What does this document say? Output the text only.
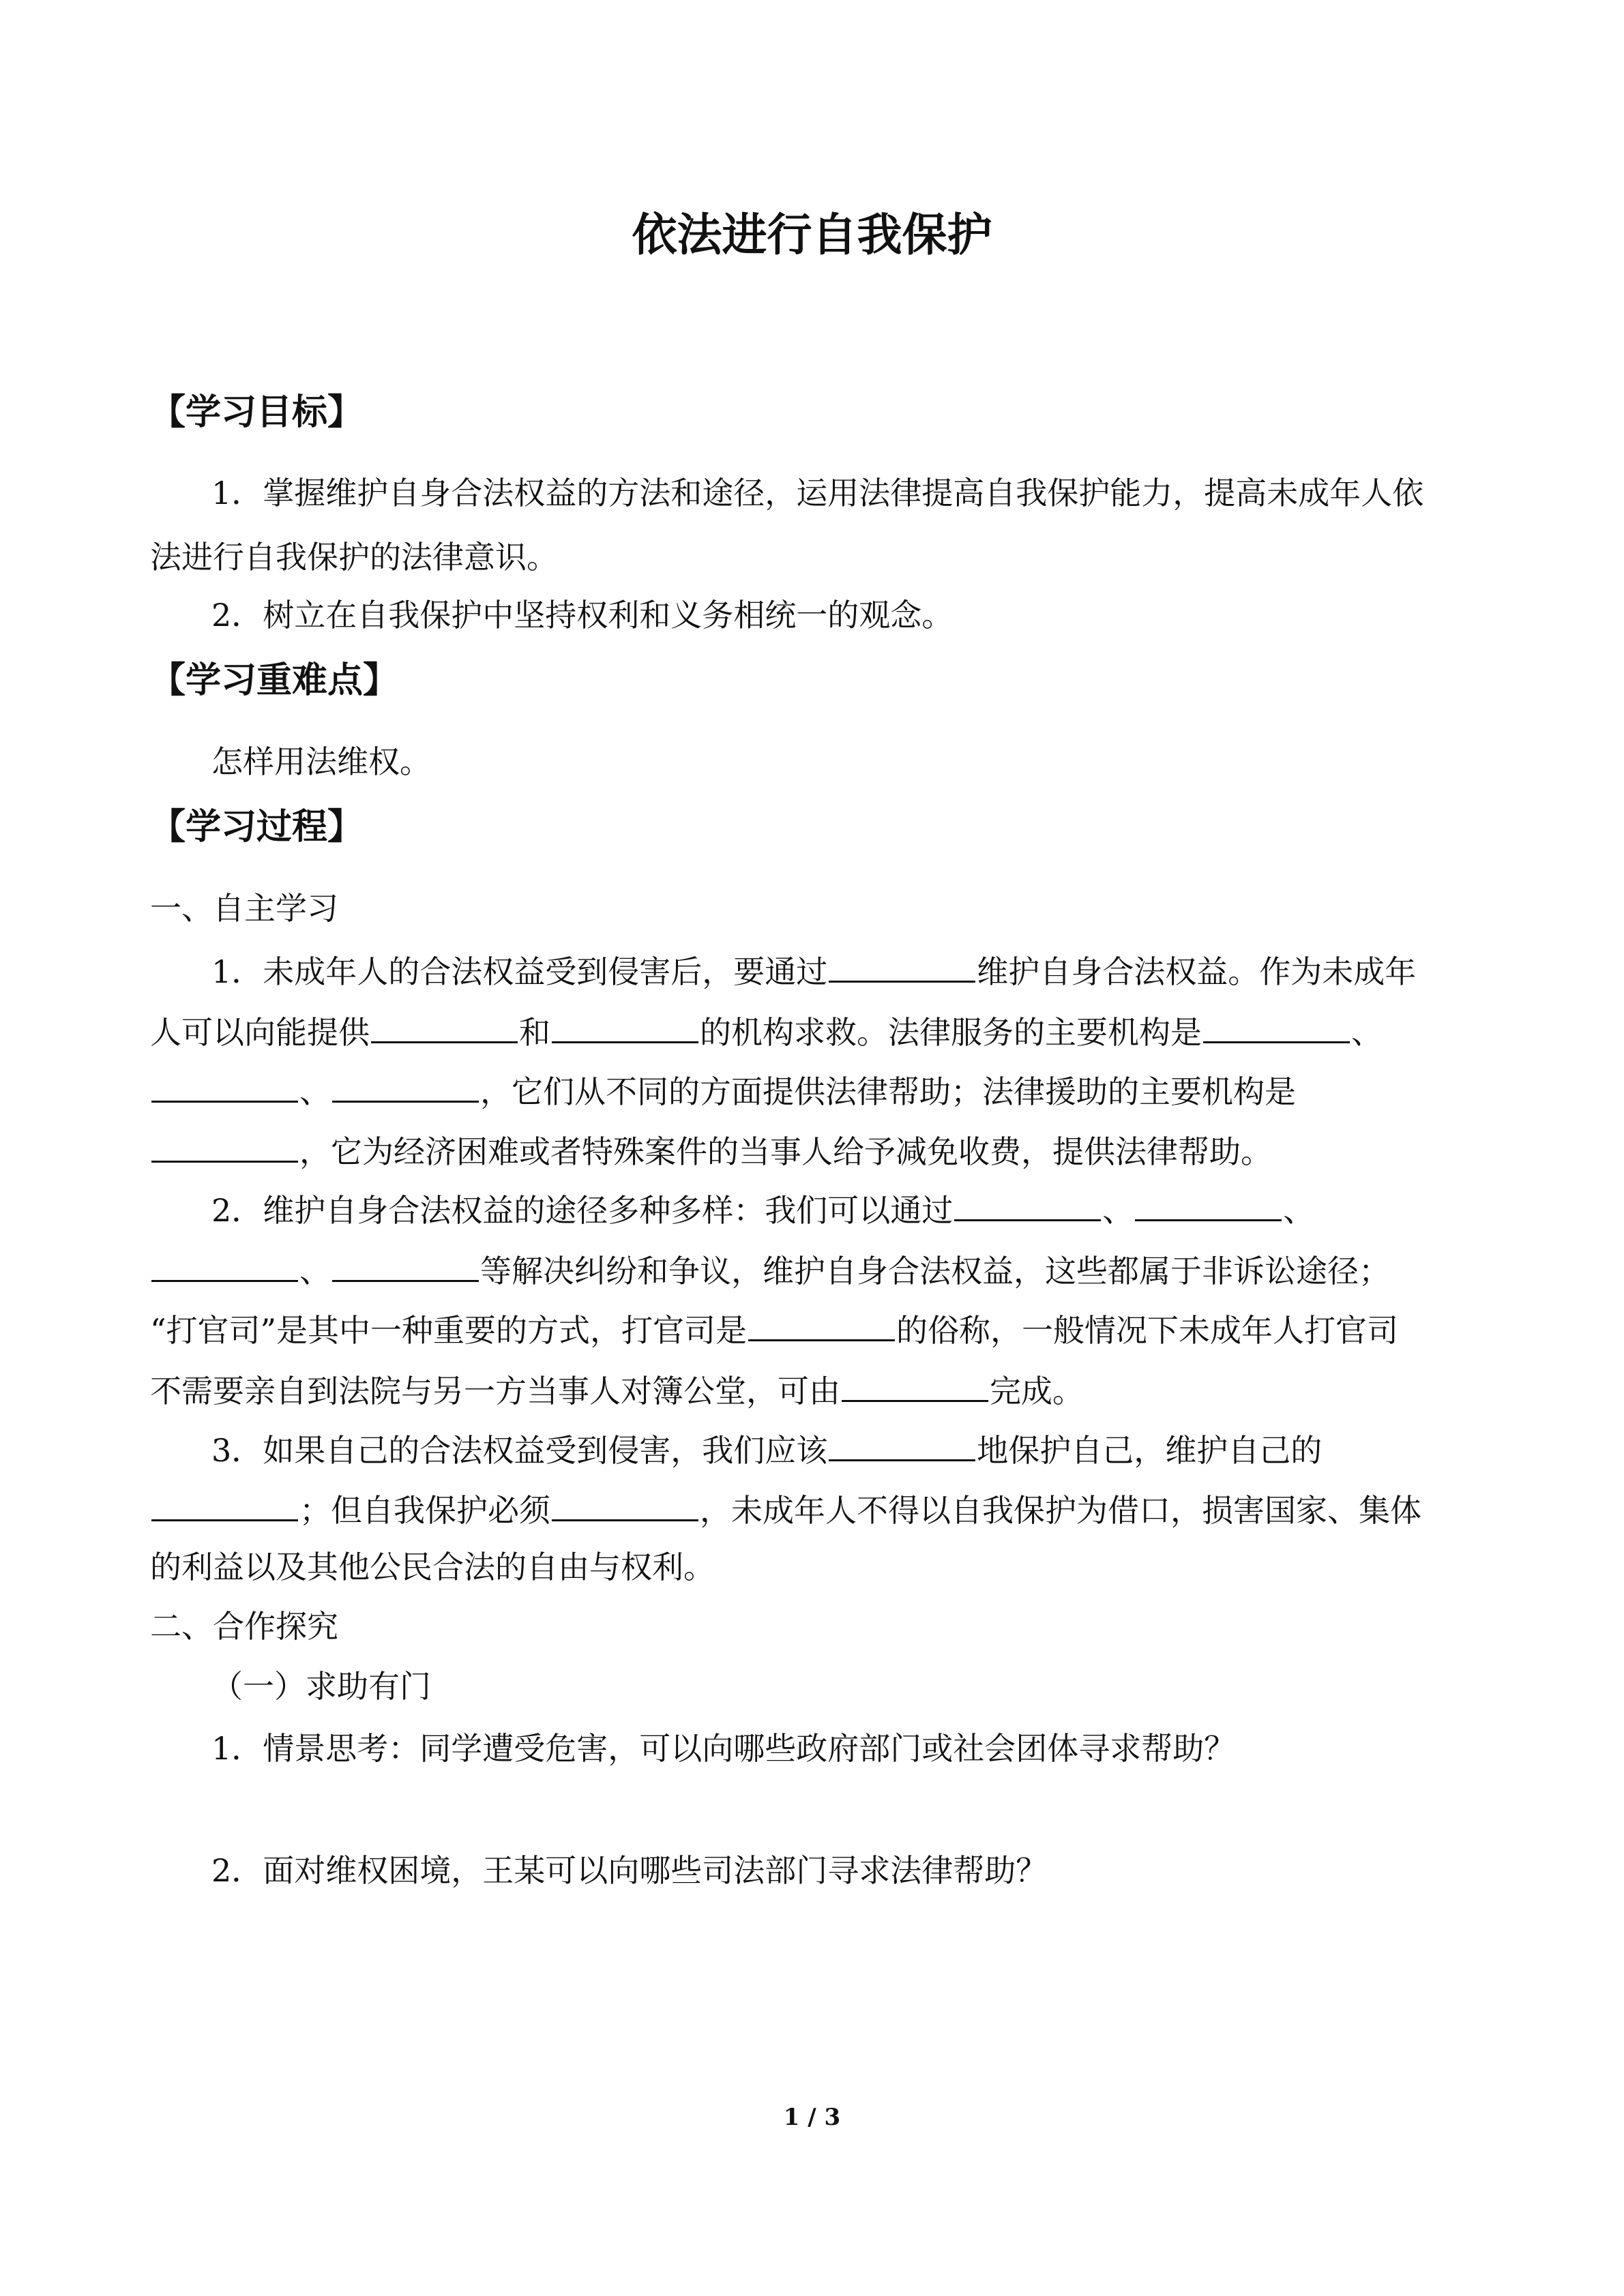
依法进行自我保护
【学习目标】
1．掌握维护自身合法权益的方法和途径，运用法律提高自我保护能力，提高未成年人依
法进行自我保护的法律意识。
2．树立在自我保护中坚持权利和义务相统一的观念。
【学习重难点】
怎样用法维权。
【学习过程】
一、自主学习
1．未成年人的合法权益受到侵害后，要通过	维护自身合法权益。作为未成年
人可以向能提供	和	的机构求救。法律服务的主要机构是	、
、	，它们从不同的方面提供法律帮助；法律援助的主要机构是
，它为经济困难或者特殊案件的当事人给予减免收费，提供法律帮助。
2．维护自身合法权益的途径多种多样：我们可以通过	、	、
、	等解决纠纷和争议，维护自身合法权益，这些都属于非诉讼途径；
“打官司”是其中一种重要的方式，打官司是	的俗称，一般情况下未成年人打官司
不需要亲自到法院与另一方当事人对簿公堂，可由	完成。
3．如果自己的合法权益受到侵害，我们应该	地保护自己，维护自己的
；但自我保护必须	，未成年人不得以自我保护为借口，损害国家、集体
的利益以及其他公民合法的自由与权利。
二、合作探究
（一）求助有门
1．情景思考：同学遭受危害，可以向哪些政府部门或社会团体寻求帮助？
2．面对维权困境，王某可以向哪些司法部门寻求法律帮助？
1 / 3
